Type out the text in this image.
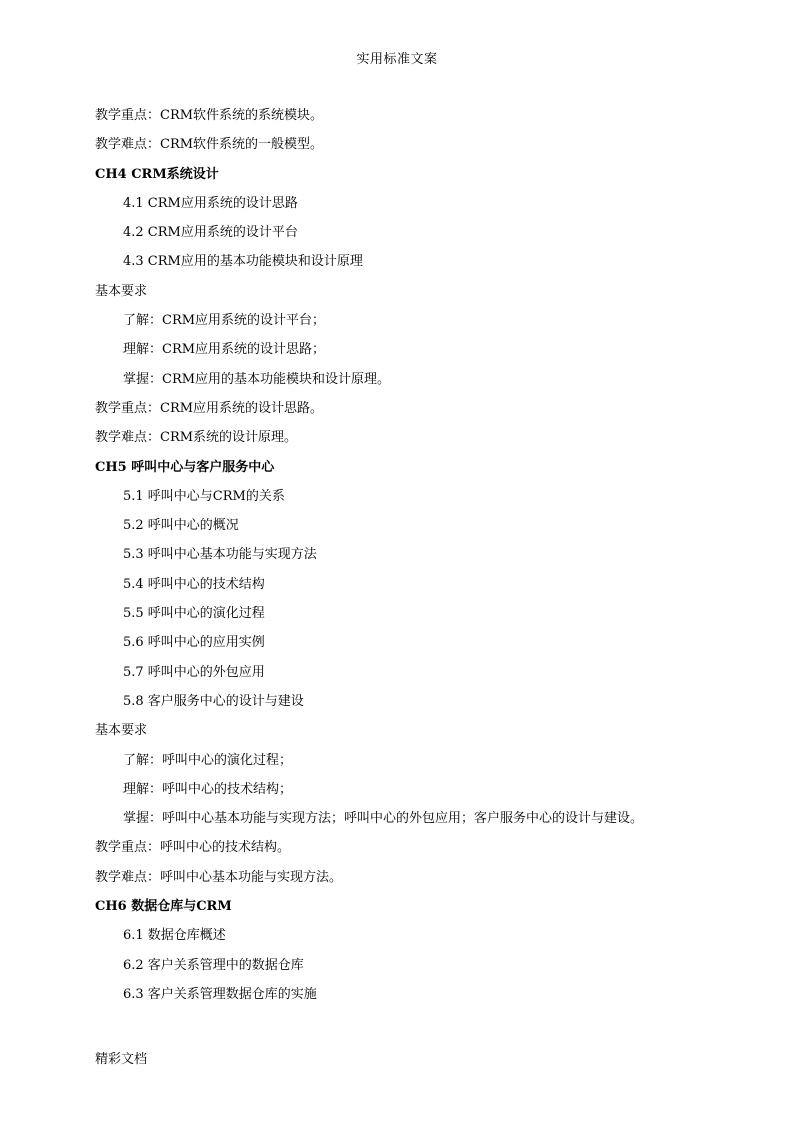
实用标准文案
教学重点：CRM软件系统的系统模块。
教学难点：CRM软件系统的一般模型。
CH4 CRM系统设计
4.1 CRM应用系统的设计思路
4.2 CRM应用系统的设计平台
4.3 CRM应用的基本功能模块和设计原理
基本要求
了解：CRM应用系统的设计平台；
理解：CRM应用系统的设计思路；
掌握：CRM应用的基本功能模块和设计原理。
教学重点：CRM应用系统的设计思路。
教学难点：CRM系统的设计原理。
CH5 呼叫中心与客户服务中心
5.1 呼叫中心与CRM的关系
5.2 呼叫中心的概况
5.3 呼叫中心基本功能与实现方法
5.4 呼叫中心的技术结构
5.5 呼叫中心的演化过程
5.6 呼叫中心的应用实例
5.7 呼叫中心的外包应用
5.8 客户服务中心的设计与建设
基本要求
了解：呼叫中心的演化过程；
理解：呼叫中心的技术结构；
掌握：呼叫中心基本功能与实现方法；呼叫中心的外包应用；客户服务中心的设计与建设。
教学重点：呼叫中心的技术结构。
教学难点：呼叫中心基本功能与实现方法。
CH6 数据仓库与CRM
6.1 数据仓库概述
6.2 客户关系管理中的数据仓库
6.3 客户关系管理数据仓库的实施
精彩文档
